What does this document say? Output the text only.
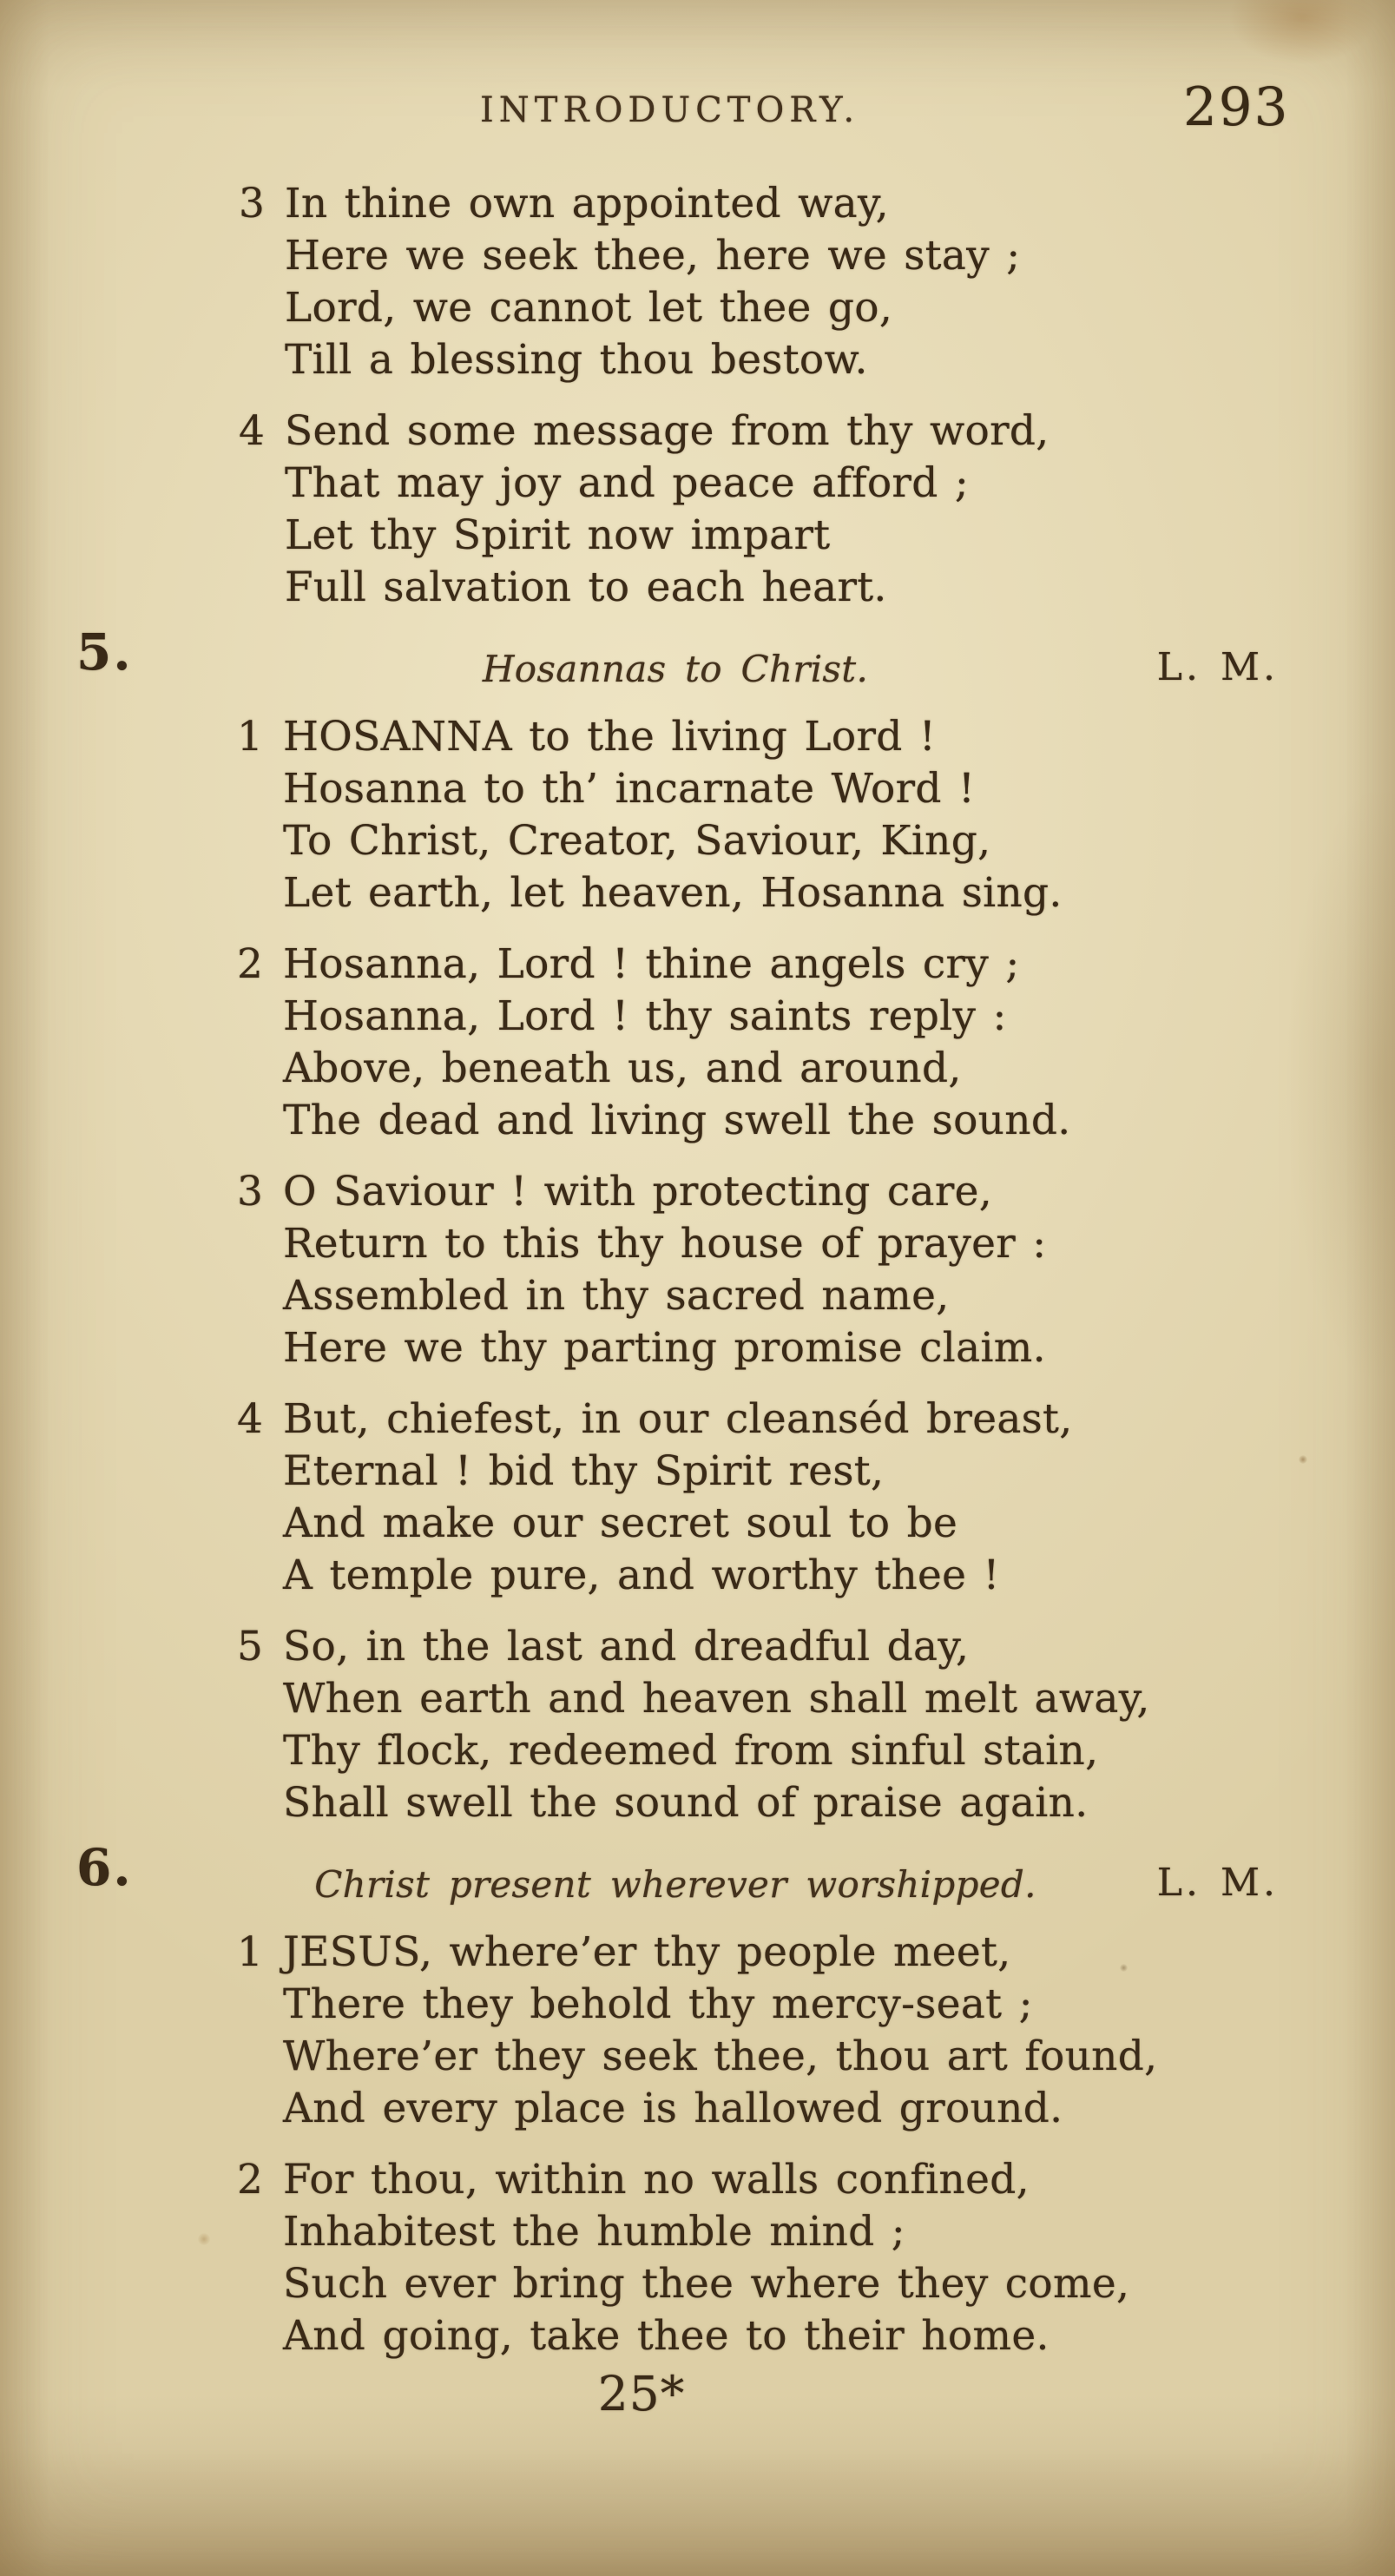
INTRODUCTORY.	293
3 In thine own appointed way,
Here we seek thee, here we stay ;
Lord, we cannot let thee go,
Till a blessing thou bestow.
4 Send some message from thy word,
That may joy and peace afford ;
Let thy Spirit now impart
Full salvation to each heart.
5.	Hosannas to Christ.	L. M.
1 HOSANNA to the living Lord !
Hosanna to th’ incarnate Word !
To Christ, Creator, Saviour, King,
Let earth, let heaven, Hosanna sing.
2 Hosanna, Lord ! thine angels cry ;
Hosanna, Lord ! thy saints reply :
Above, beneath us, and around,
The dead and living swell the sound.
3 O Saviour ! with protecting care,
Return to this thy house of prayer :
Assembled in thy sacred name,
Here we thy parting promise claim.
4 But, chiefest, in our cleanséd breast,
Eternal ! bid thy Spirit rest,
And make our secret soul to be
A temple pure, and worthy thee !
5 So, in the last and dreadful day,
When earth and heaven shall melt away,
Thy flock, redeemed from sinful stain,
Shall swell the sound of praise again.
6.	Christ present wherever worshipped.	L. M.
1 JESUS, where’er thy people meet,
There they behold thy mercy-seat ;
Where’er they seek thee, thou art found,
And every place is hallowed ground.
2 For thou, within no walls confined,
Inhabitest the humble mind ;
Such ever bring thee where they come,
And going, take thee to their home.
25*
